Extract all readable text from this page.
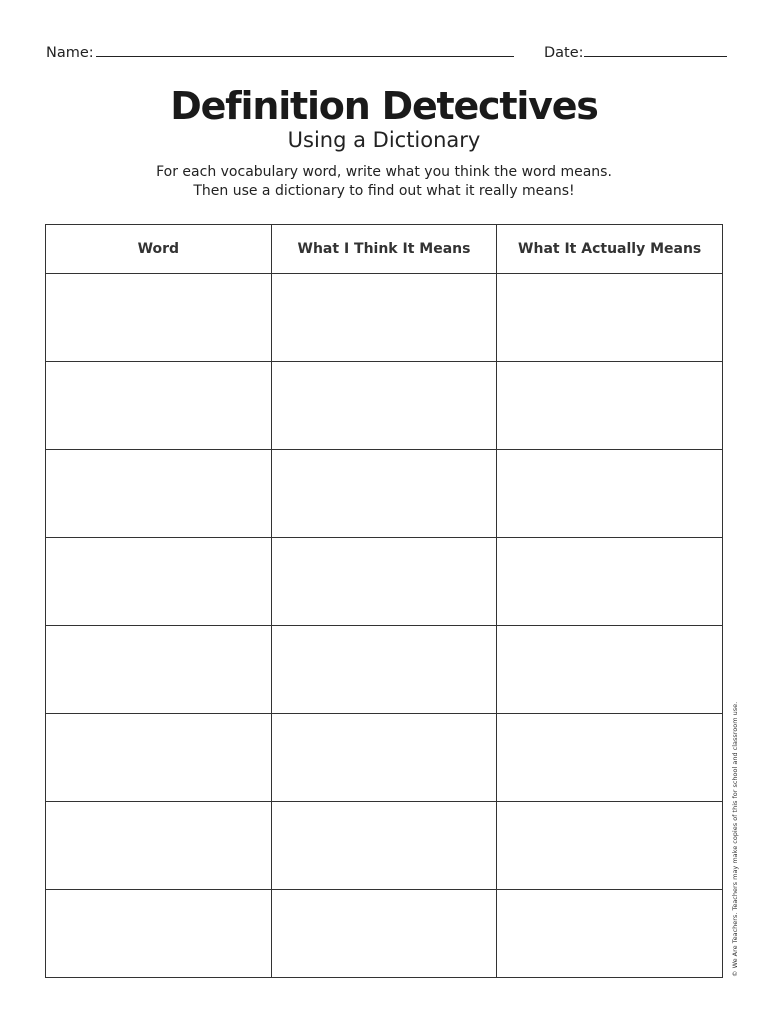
Name:	Date:
Definition Detectives
Using a Dictionary
For each vocabulary word, write what you think the word means.
Then use a dictionary to find out what it really means!
Word	What I Think It Means	What It Actually Means

© We Are Teachers. Teachers may make copies of this for school and classroom use.
